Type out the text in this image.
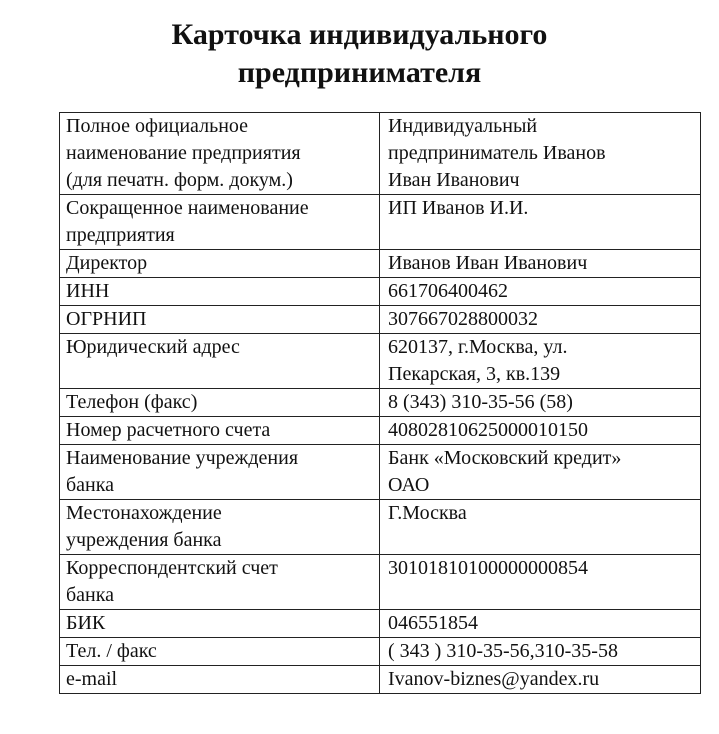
Карточка индивидуального
предпринимателя
Полное официальное
наименование предприятия
(для печатн. форм. докум.)	Индивидуальный
предприниматель Иванов
Иван Иванович
Сокращенное наименование
предприятия	ИП Иванов И.И.
Директор	Иванов Иван Иванович
ИНН	661706400462
ОГРНИП	307667028800032
Юридический адрес	620137, г.Москва, ул.
Пекарская, 3, кв.139
Телефон (факс)	8 (343) 310-35-56 (58)
Номер расчетного счета	40802810625000010150
Наименование учреждения
банка	Банк «Московский кредит»
ОАО
Местонахождение
учреждения банка	Г.Москва
Корреспондентский счет
банка	30101810100000000854
БИК	046551854
Тел. / факс	( 343 ) 310-35-56,310-35-58
e-mail	Ivanov-biznes@yandex.ru
